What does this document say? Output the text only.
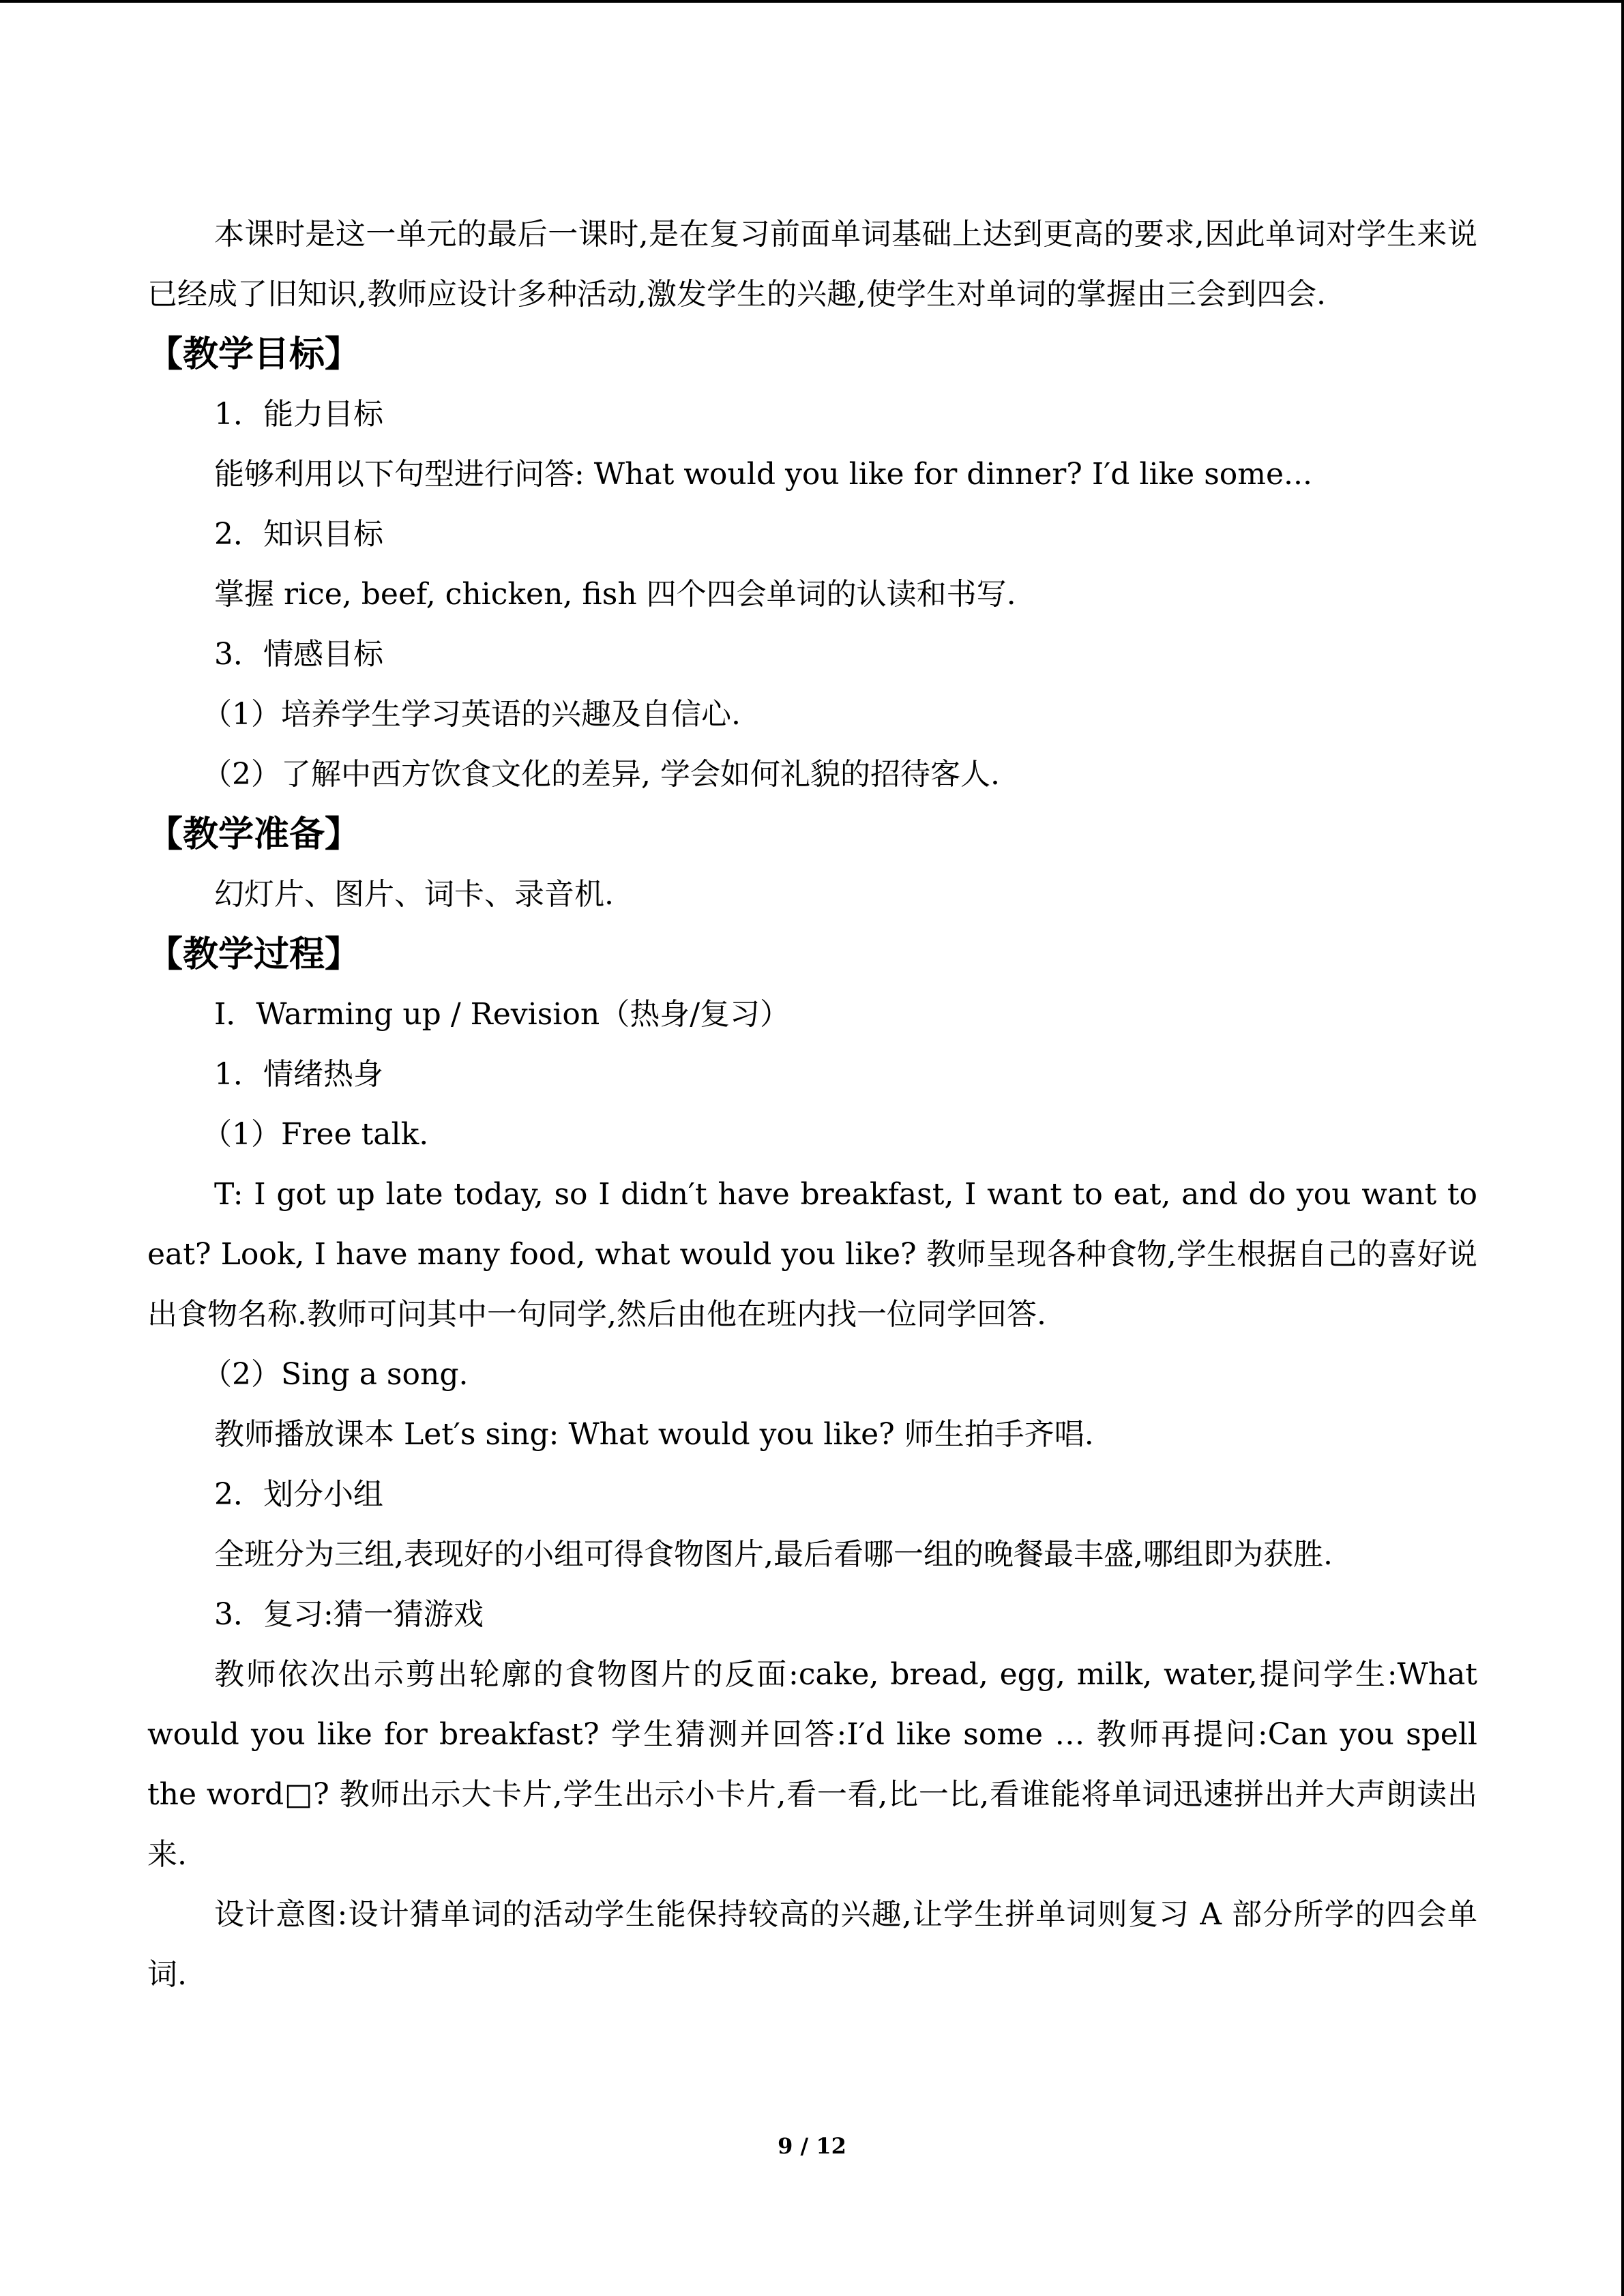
本课时是这一单元的最后一课时,是在复习前面单词基础上达到更高的要求,因此单词对学生来说已经成了旧知识,教师应设计多种活动,激发学生的兴趣,使学生对单词的掌握由三会到四会.

【教学目标】

1．能力目标

能够利用以下句型进行问答: What would you like for dinner? I′d like some...

2．知识目标

掌握 rice, beef, chicken, fish 四个四会单词的认读和书写.

3．情感目标

（1）培养学生学习英语的兴趣及自信心.

（2）了解中西方饮食文化的差异, 学会如何礼貌的招待客人.

【教学准备】

幻灯片、图片、词卡、录音机.

【教学过程】

Ⅰ．Warming up / Revision（热身/复习）

1．情绪热身

（1）Free talk.

T: I got up late today, so I didn′t have breakfast, I want to eat, and do you want to eat? Look, I have many food, what would you like? 教师呈现各种食物,学生根据自己的喜好说出食物名称.教师可问其中一句同学,然后由他在班内找一位同学回答.

（2）Sing a song.

教师播放课本 Let′s sing: What would you like? 师生拍手齐唱.

2．划分小组

全班分为三组,表现好的小组可得食物图片,最后看哪一组的晚餐最丰盛,哪组即为获胜.

3．复习:猜一猜游戏

教师依次出示剪出轮廓的食物图片的反面:cake, bread, egg, milk, water,提问学生:What would you like for breakfast? 学生猜测并回答:I′d like some … 教师再提问:Can you spell the word□? 教师出示大卡片,学生出示小卡片,看一看,比一比,看谁能将单词迅速拼出并大声朗读出来.

设计意图:设计猜单词的活动学生能保持较高的兴趣,让学生拼单词则复习 A 部分所学的四会单词.

9 / 12
